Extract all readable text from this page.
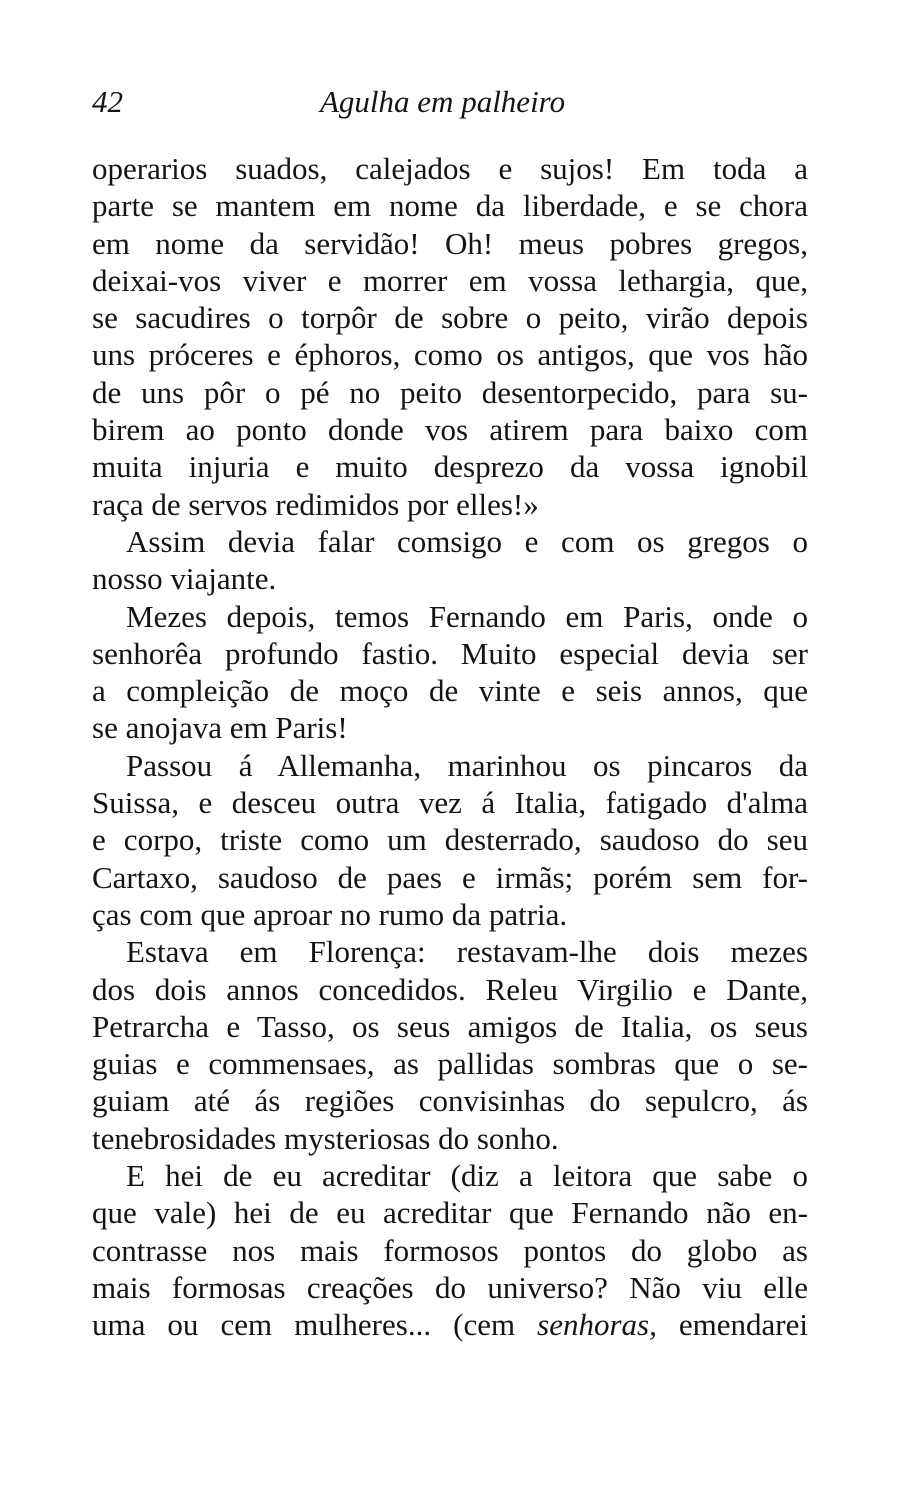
42	Agulha em palheiro
operarios suados, calejados e sujos! Em toda a
parte se mantem em nome da liberdade, e se chora
em nome da servidão! Oh! meus pobres gregos,
deixai-vos viver e morrer em vossa lethargia, que,
se sacudires o torpôr de sobre o peito, virão depois
uns próceres e éphoros, como os antigos, que vos hão
de uns pôr o pé no peito desentorpecido, para su-
birem ao ponto donde vos atirem para baixo com
muita injuria e muito desprezo da vossa ignobil
raça de servos redimidos por elles!»
Assim devia falar comsigo e com os gregos o
nosso viajante.
Mezes depois, temos Fernando em Paris, onde o
senhorêa profundo fastio. Muito especial devia ser
a compleição de moço de vinte e seis annos, que
se anojava em Paris!
Passou á Allemanha, marinhou os pincaros da
Suissa, e desceu outra vez á Italia, fatigado d'alma
e corpo, triste como um desterrado, saudoso do seu
Cartaxo, saudoso de paes e irmãs; porém sem for-
ças com que aproar no rumo da patria.
Estava em Florença: restavam-lhe dois mezes
dos dois annos concedidos. Releu Virgilio e Dante,
Petrarcha e Tasso, os seus amigos de Italia, os seus
guias e commensaes, as pallidas sombras que o se-
guiam até ás regiões convisinhas do sepulcro, ás
tenebrosidades mysteriosas do sonho.
E hei de eu acreditar (diz a leitora que sabe o
que vale) hei de eu acreditar que Fernando não en-
contrasse nos mais formosos pontos do globo as
mais formosas creações do universo? Não viu elle
uma ou cem mulheres... (cem senhoras, emendarei
